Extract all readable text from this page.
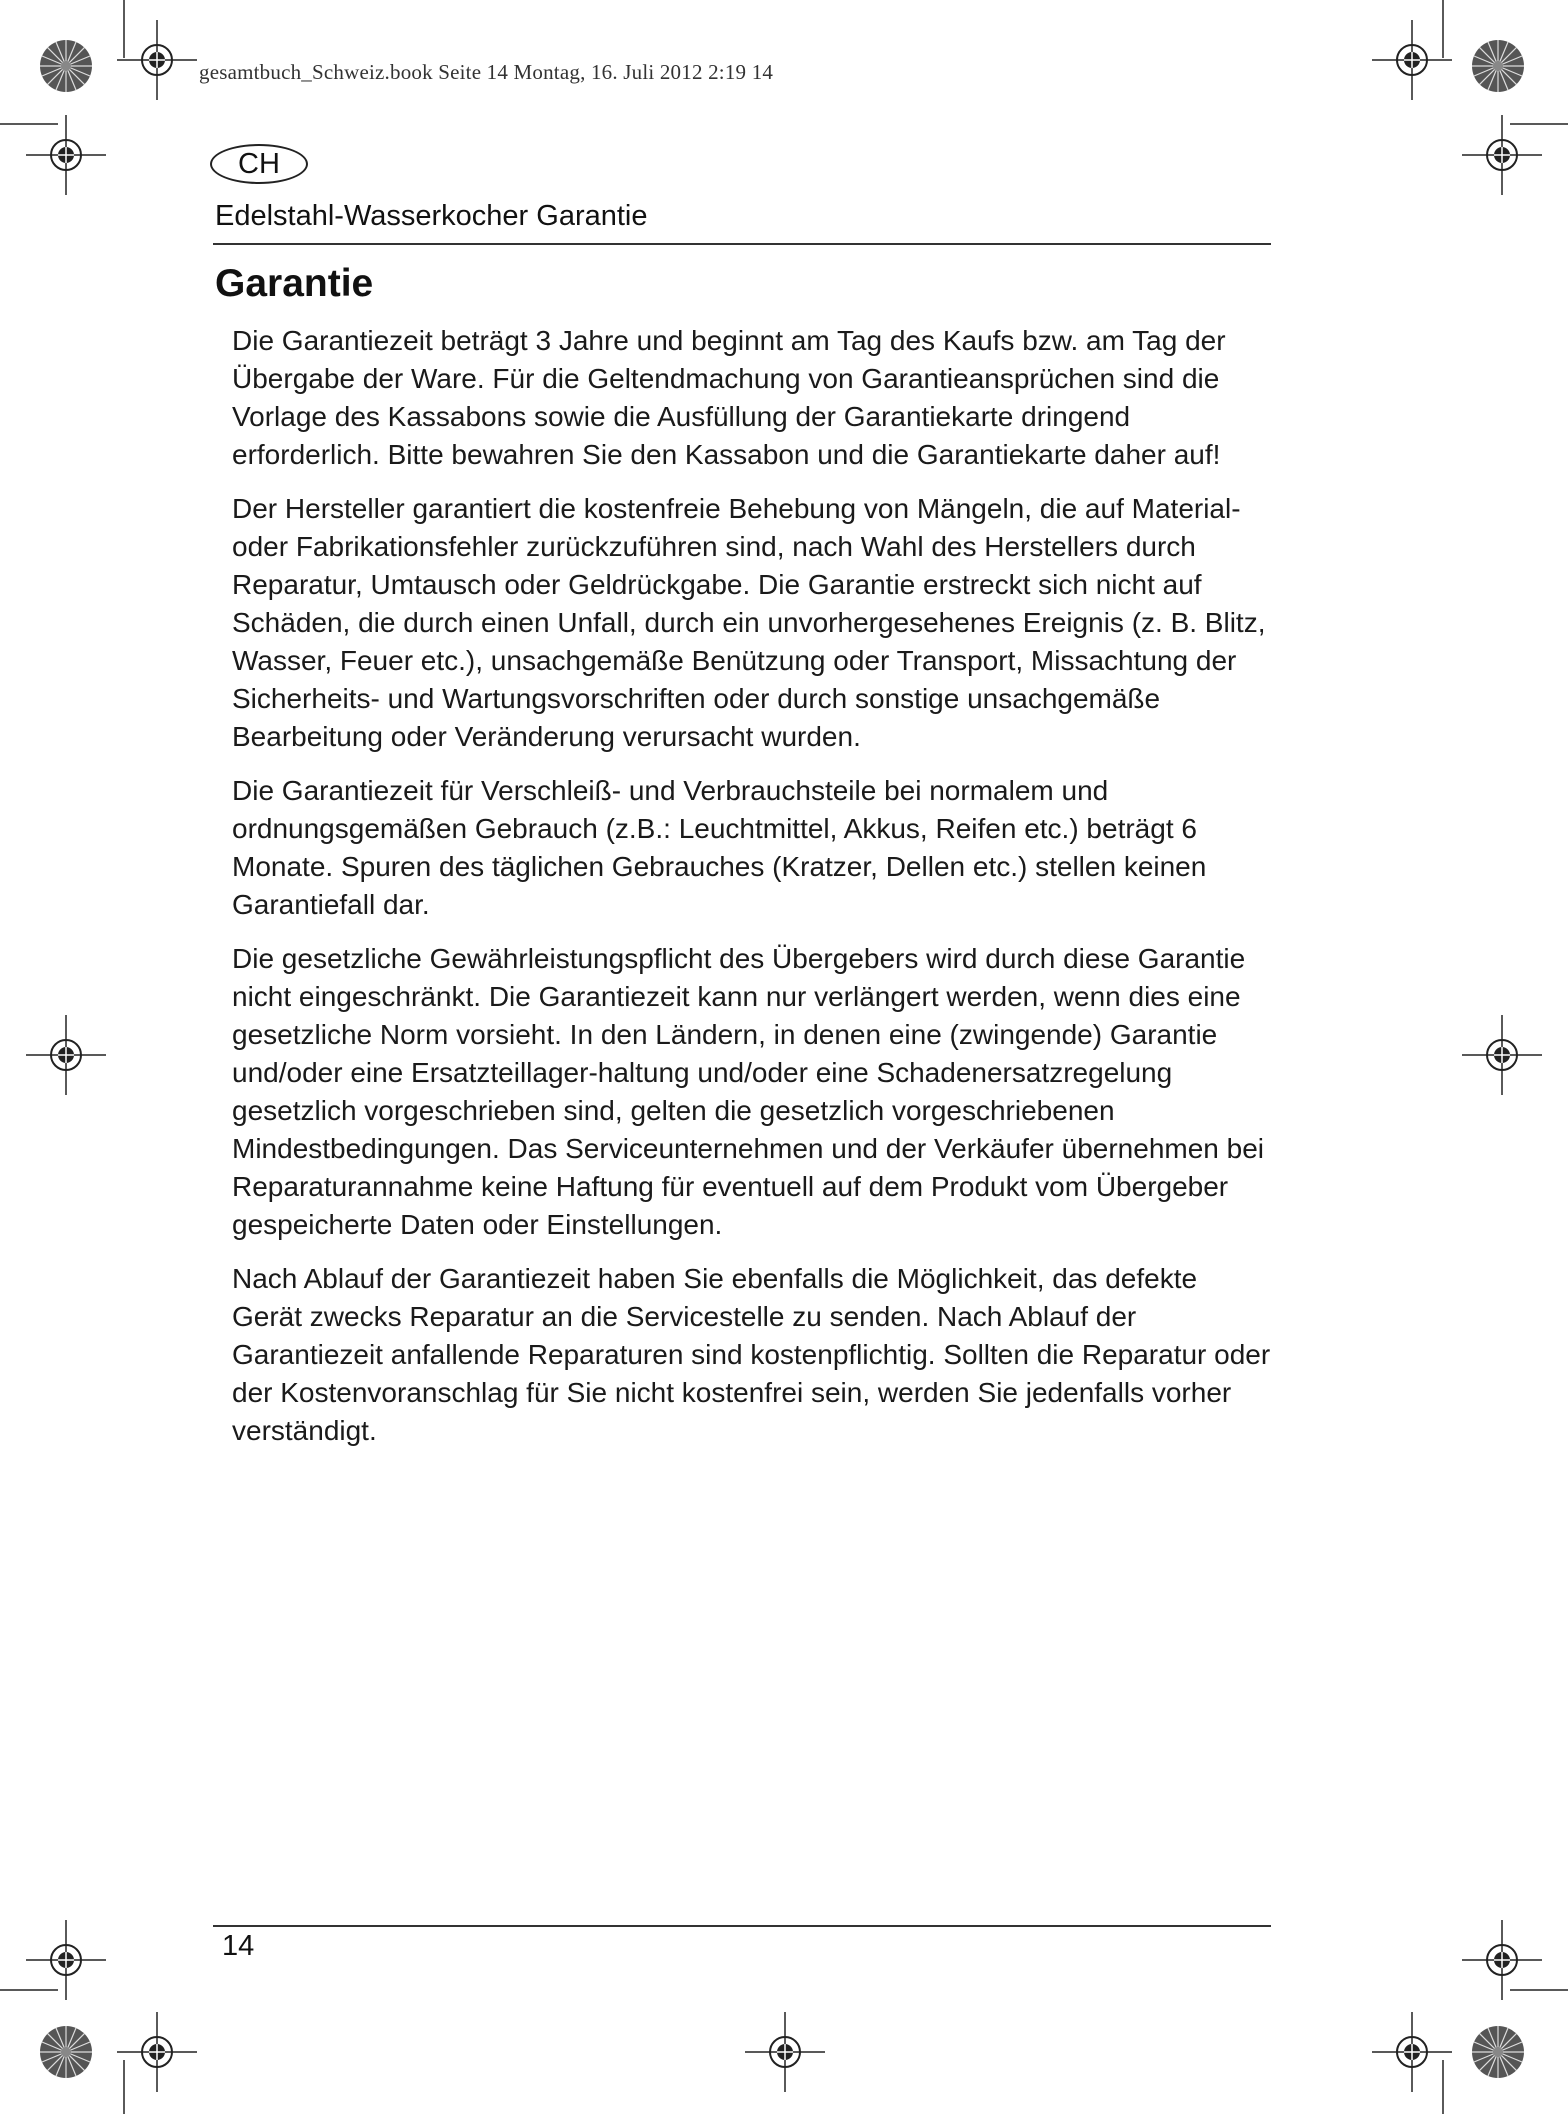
gesamtbuch_Schweiz.book Seite 14 Montag, 16. Juli 2012 2:19 14
CH
Edelstahl-Wasserkocher Garantie
Garantie

Die Garantiezeit beträgt 3 Jahre und beginnt am Tag des Kaufs bzw. am Tag der Übergabe der Ware. Für die Geltendmachung von Garantieansprüchen sind die Vorlage des Kassabons sowie die Ausfüllung der Garantiekarte dringend erforderlich. Bitte bewahren Sie den Kassabon und die Garantiekarte daher auf!

Der Hersteller garantiert die kostenfreie Behebung von Mängeln, die auf Material- oder Fabrikationsfehler zurückzuführen sind, nach Wahl des Herstellers durch Reparatur, Umtausch oder Geldrückgabe. Die Garantie erstreckt sich nicht auf Schäden, die durch einen Unfall, durch ein unvorhergesehenes Ereignis (z. B. Blitz, Wasser, Feuer etc.), unsachgemäße Benützung oder Transport, Missachtung der Sicherheits- und Wartungsvorschriften oder durch sonstige unsachgemäße Bearbeitung oder Veränderung verursacht wurden.

Die Garantiezeit für Verschleiß- und Verbrauchsteile bei normalem und ordnungsgemäßen Gebrauch (z.B.: Leuchtmittel, Akkus, Reifen etc.) beträgt 6 Monate. Spuren des täglichen Gebrauches (Kratzer, Dellen etc.) stellen keinen Garantiefall dar.

Die gesetzliche Gewährleistungspflicht des Übergebers wird durch diese Garantie nicht eingeschränkt. Die Garantiezeit kann nur verlängert werden, wenn dies eine gesetzliche Norm vorsieht. In den Ländern, in denen eine (zwingende) Garantie und/oder eine Ersatzteillager-haltung und/oder eine Schadenersatzregelung gesetzlich vorgeschrieben sind, gelten die gesetzlich vorgeschriebenen Mindestbedingungen. Das Serviceunternehmen und der Verkäufer übernehmen bei Reparaturannahme keine Haftung für eventuell auf dem Produkt vom Übergeber gespeicherte Daten oder Einstellungen.

Nach Ablauf der Garantiezeit haben Sie ebenfalls die Möglichkeit, das defekte Gerät zwecks Reparatur an die Servicestelle zu senden. Nach Ablauf der Garantiezeit anfallende Reparaturen sind kostenpflichtig. Sollten die Reparatur oder der Kostenvoranschlag für Sie nicht kostenfrei sein, werden Sie jedenfalls vorher verständigt.

14
